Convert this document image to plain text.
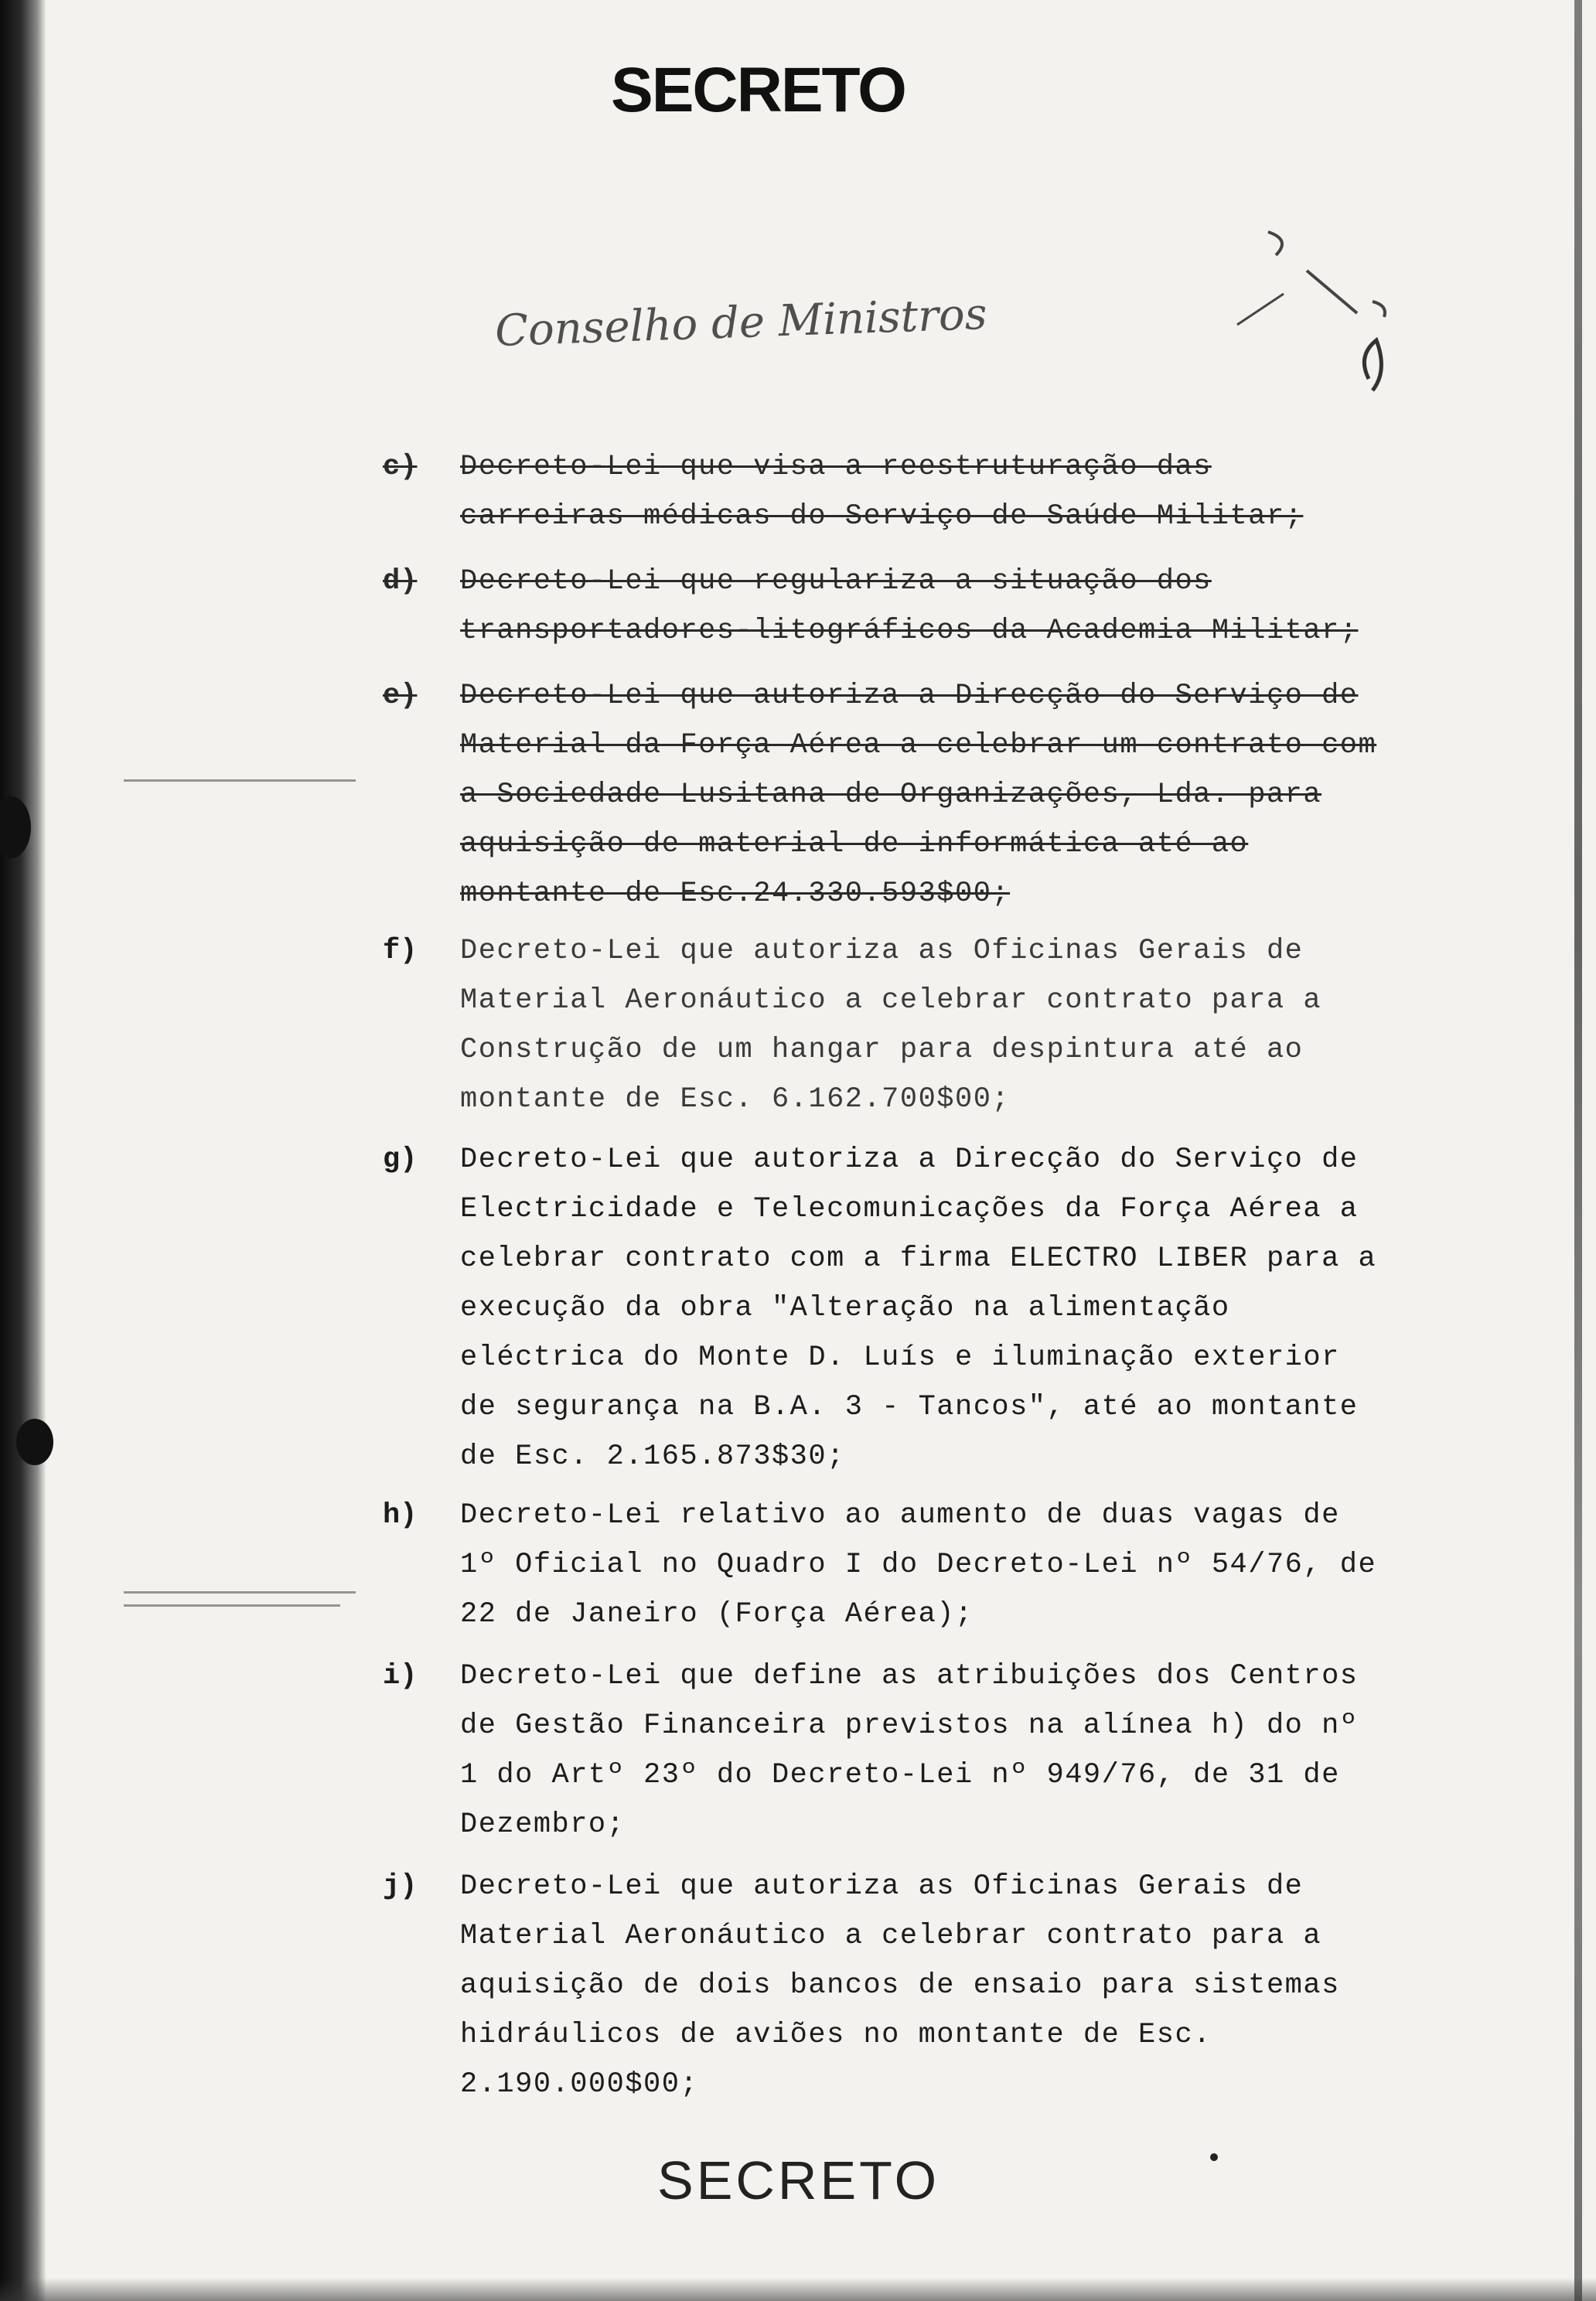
SECRETO
Conselho de Ministros
c)	Decreto-Lei que visa a reestruturação das carreiras médicas do Serviço de Saúde Militar;
d)	Decreto-Lei que regulariza a situação dos transportadores-litográficos da Academia Militar;
e)	Decreto-Lei que autoriza a Direcção do Serviço de Material da Força Aérea a celebrar um contrato com a Sociedade Lusitana de Organizações, Lda. para aquisição de material de informática até ao montante de Esc.24.330.593$00;
f)	Decreto-Lei que autoriza as Oficinas Gerais de Material Aeronáutico a celebrar contrato para a Construção de um hangar para despintura até ao montante de Esc. 6.162.700$00;
g)	Decreto-Lei que autoriza a Direcção do Serviço de Electricidade e Telecomunicações da Força Aérea a celebrar contrato com a firma ELECTRO LIBER para a execução da obra "Alteração na alimentação eléctrica do Monte D. Luís e iluminação exterior de segurança na B.A. 3 - Tancos", até ao montante de Esc. 2.165.873$30;
h)	Decreto-Lei relativo ao aumento de duas vagas de 1º Oficial no Quadro I do Decreto-Lei nº 54/76, de 22 de Janeiro (Força Aérea);
i)	Decreto-Lei que define as atribuições dos Centros de Gestão Financeira previstos na alínea h) do nº 1 do Artº 23º do Decreto-Lei nº 949/76, de 31 de Dezembro;
j)	Decreto-Lei que autoriza as Oficinas Gerais de Material Aeronáutico a celebrar contrato para a aquisição de dois bancos de ensaio para sistemas hidráulicos de aviões no montante de Esc. 2.190.000$00;
SECRETO
